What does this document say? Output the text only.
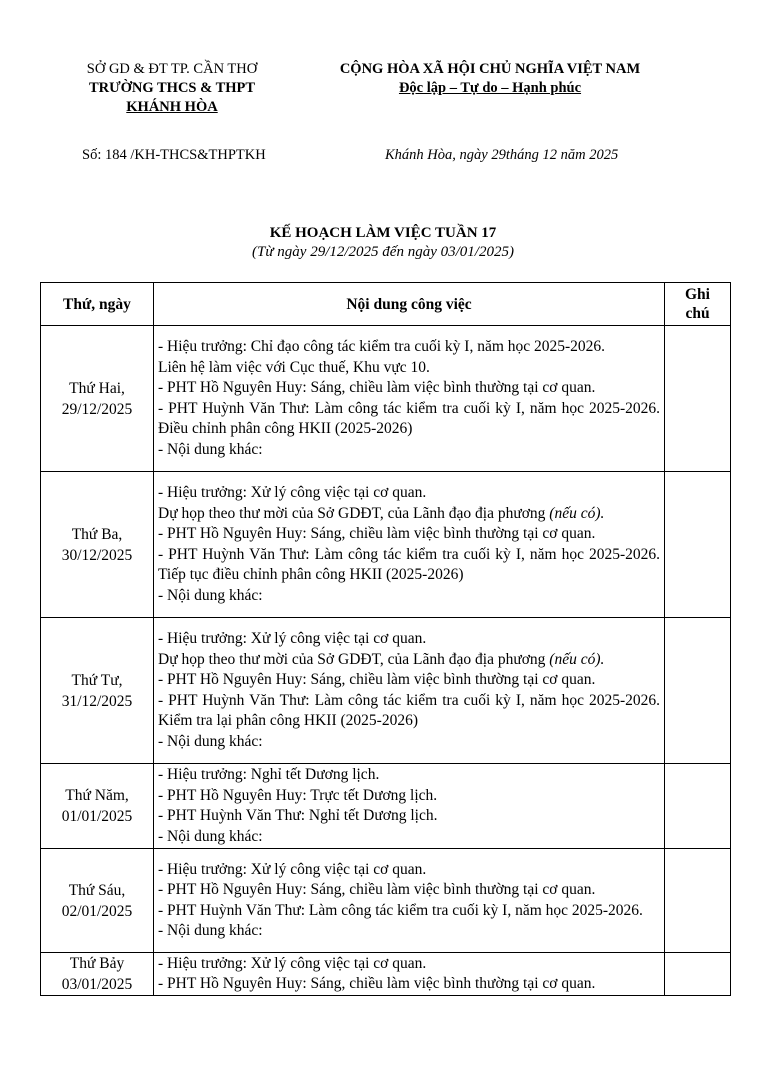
SỞ GD & ĐT TP. CẦN THƠ
TRƯỜNG THCS & THPT
KHÁNH HÒA
CỘNG HÒA XÃ HỘI CHỦ NGHĨA VIỆT NAM
Độc lập – Tự do – Hạnh phúc
Số: 184 /KH-THCS&THPTKH	Khánh Hòa, ngày 29tháng 12 năm 2025
KẾ HOẠCH LÀM VIỆC TUẦN 17
(Từ ngày 29/12/2025 đến ngày 03/01/2025)
Thứ, ngày	Nội dung công việc	Ghi chú

Thứ Hai,
29/12/2025	- Hiệu trưởng: Chỉ đạo công tác kiểm tra cuối kỳ I, năm học 2025-2026.
Liên hệ làm việc với Cục thuế, Khu vực 10.
- PHT Hồ Nguyên Huy: Sáng, chiều làm việc bình thường tại cơ quan.
- PHT Huỳnh Văn Thư: Làm công tác kiểm tra cuối kỳ I, năm học 2025-2026. Điều chỉnh phân công HKII (2025-2026)
- Nội dung khác:	

Thứ Ba,
30/12/2025	- Hiệu trưởng: Xử lý công việc tại cơ quan.
Dự họp theo thư mời của Sở GDĐT, của Lãnh đạo địa phương (nếu có).
- PHT Hồ Nguyên Huy: Sáng, chiều làm việc bình thường tại cơ quan.
- PHT Huỳnh Văn Thư: Làm công tác kiểm tra cuối kỳ I, năm học 2025-2026. Tiếp tục điều chỉnh phân công HKII (2025-2026)
- Nội dung khác:	

Thứ Tư,
31/12/2025	- Hiệu trưởng: Xử lý công việc tại cơ quan.
Dự họp theo thư mời của Sở GDĐT, của Lãnh đạo địa phương (nếu có).
- PHT Hồ Nguyên Huy: Sáng, chiều làm việc bình thường tại cơ quan.
- PHT Huỳnh Văn Thư: Làm công tác kiểm tra cuối kỳ I, năm học 2025-2026. Kiểm tra lại phân công HKII (2025-2026)
- Nội dung khác:	

Thứ Năm,
01/01/2025	- Hiệu trưởng: Nghỉ tết Dương lịch.
- PHT Hồ Nguyên Huy: Trực tết Dương lịch.
- PHT Huỳnh Văn Thư: Nghỉ tết Dương lịch.
- Nội dung khác:	

Thứ Sáu,
02/01/2025	- Hiệu trưởng: Xử lý công việc tại cơ quan.
- PHT Hồ Nguyên Huy: Sáng, chiều làm việc bình thường tại cơ quan.
- PHT Huỳnh Văn Thư: Làm công tác kiểm tra cuối kỳ I, năm học 2025-2026.
- Nội dung khác:	

Thứ Bảy
03/01/2025	- Hiệu trưởng: Xử lý công việc tại cơ quan.
- PHT Hồ Nguyên Huy: Sáng, chiều làm việc bình thường tại cơ quan.	
